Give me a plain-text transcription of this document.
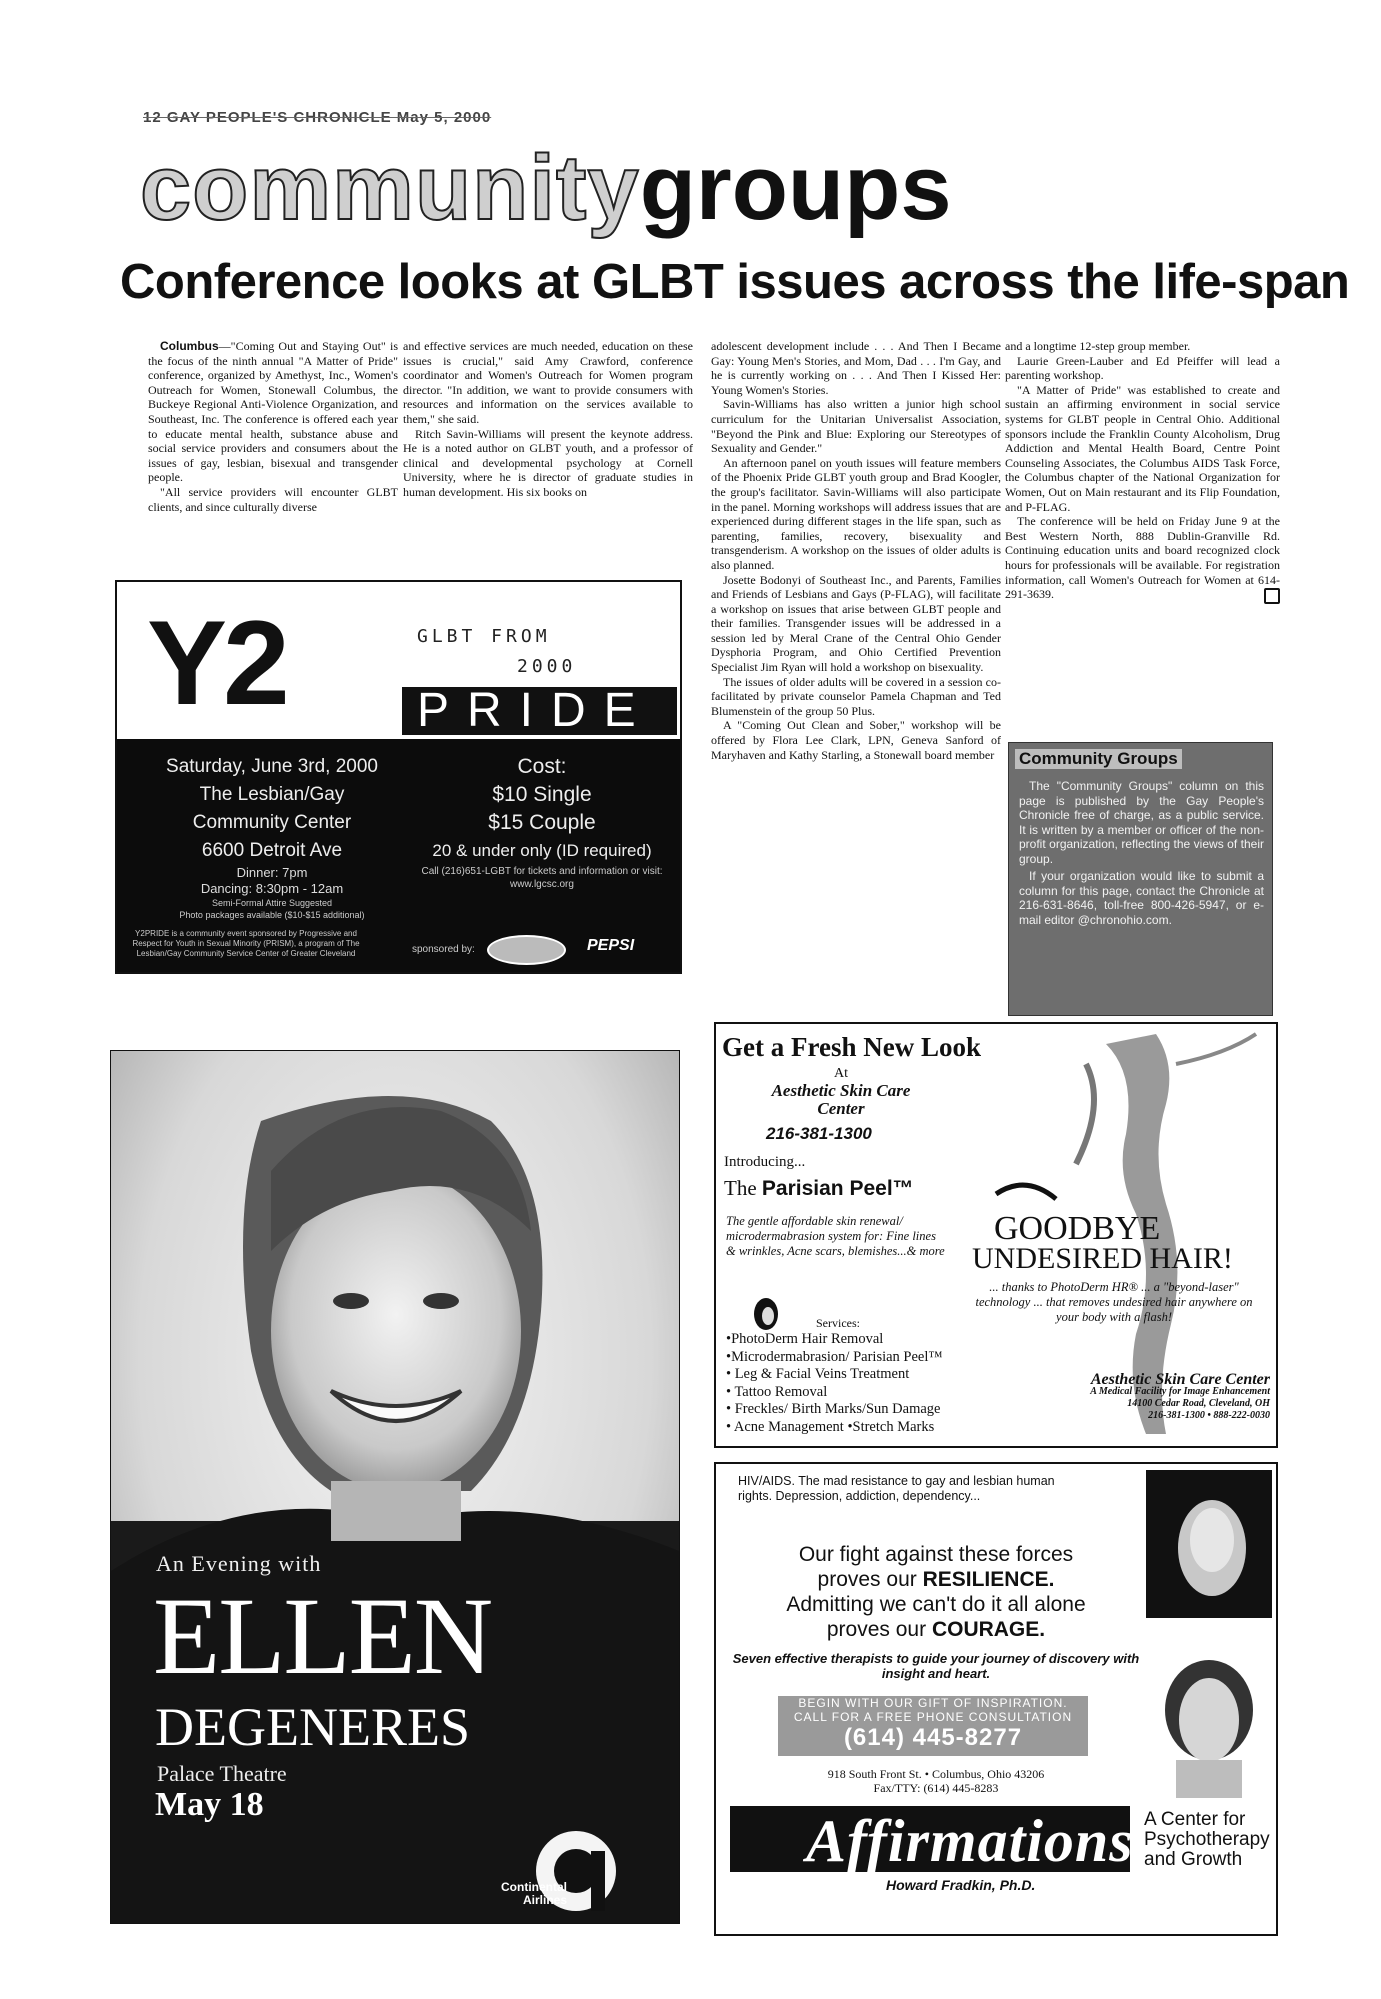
12 GAY PEOPLE'S CHRONICLE May 5, 2000
communitygroups
Conference looks at GLBT issues across the life-span

Columbus—"Coming Out and Staying Out" is the focus of the ninth annual "A Matter of Pride" conference, organized by Amethyst, Inc., Women's Outreach for Women, Stonewall Columbus, the Buckeye Regional Anti-Violence Organization, and Southeast, Inc. The conference is offered each year to educate mental health, substance abuse and social service providers and consumers about the issues of gay, lesbian, bisexual and transgender people.

"All service providers will encounter GLBT clients, and since culturally diverse

and effective services are much needed, education on these issues is crucial," said Amy Crawford, conference coordinator and Women's Outreach for Women program director. "In addition, we want to provide consumers with resources and information on the services available to them," she said.

Ritch Savin-Williams will present the keynote address. He is a noted author on GLBT youth, and a professor of clinical and developmental psychology at Cornell University, where he is director of graduate studies in human development. His six books on

adolescent development include . . . And Then I Became Gay: Young Men's Stories, and Mom, Dad . . . I'm Gay, and he is currently working on . . . And Then I Kissed Her: Young Women's Stories.

Savin-Williams has also written a junior high school curriculum for the Unitarian Universalist Association, "Beyond the Pink and Blue: Exploring our Stereotypes of Sexuality and Gender."

An afternoon panel on youth issues will feature members of the Phoenix Pride GLBT youth group and Brad Koogler, the group's facilitator. Savin-Williams will also participate in the panel. Morning workshops will address issues that are experienced during different stages in the life span, such as parenting, families, recovery, bisexuality and transgenderism. A workshop on the issues of older adults is also planned.

Josette Bodonyi of Southeast Inc., and Parents, Families and Friends of Lesbians and Gays (P-FLAG), will facilitate a workshop on issues that arise between GLBT people and their families. Transgender issues will be addressed in a session led by Meral Crane of the Central Ohio Gender Dysphoria Program, and Ohio Certified Prevention Specialist Jim Ryan will hold a workshop on bisexuality.

The issues of older adults will be covered in a session co-facilitated by private counselor Pamela Chapman and Ted Blumenstein of the group 50 Plus.

A "Coming Out Clean and Sober," workshop will be offered by Flora Lee Clark, LPN, Geneva Sanford of Maryhaven and Kathy Starling, a Stonewall board member

and a longtime 12-step group member.

Laurie Green-Lauber and Ed Pfeiffer will lead a parenting workshop.

"A Matter of Pride" was established to create and sustain an affirming environment in social service systems for GLBT people in Central Ohio. Additional sponsors include the Franklin County Alcoholism, Drug Addiction and Mental Health Board, Centre Point Counseling Associates, the Columbus AIDS Task Force, the Columbus chapter of the National Organization for Women, Out on Main restaurant and its Flip Foundation, and P-FLAG.

The conference will be held on Friday June 9 at the Best Western North, 888 Dublin-Granville Rd. Continuing education units and board recognized clock hours for professionals will be available. For registration information, call Women's Outreach for Women at 614-291-3639.

Y2	GLBT FROM
2000
PRIDE
Saturday, June 3rd, 2000
The Lesbian/Gay
Community Center
6600 Detroit Ave
Dinner: 7pm
Dancing: 8:30pm - 12am
Semi-Formal Attire Suggested
Photo packages available ($10-$15 additional)
Cost:
$10 Single
$15 Couple
20 & under only (ID required)
Call (216)651-LGBT for tickets and information or visit: www.lgcsc.org
Y2PRIDE is a community event sponsored by Progressive and Respect for Youth in Sexual Minority (PRISM), a program of The Lesbian/Gay Community Service Center of Greater Cleveland	sponsored by:	PEPSI
Community Groups

The "Community Groups" column on this page is published by the Gay People's Chronicle free of charge, as a public service. It is written by a member or officer of the non-profit organization, reflecting the views of their group.

If your organization would like to submit a column for this page, contact the Chronicle at 216-631-8646, toll-free 800-426-5947, or e-mail editor @chronohio.com.

An Evening with
ELLEN
DEGENERES
Palace Theatre
May 18
Continental
Airlines
Get a Fresh New Look
At
Aesthetic Skin Care Center
216-381-1300
Introducing...
The Parisian Peel™
The gentle affordable skin renewal/ microdermabrasion system for: Fine lines & wrinkles, Acne scars, blemishes...& more
Services:
•PhotoDerm Hair Removal
•Microdermabrasion/ Parisian Peel™
• Leg & Facial Veins Treatment
• Tattoo Removal
• Freckles/ Birth Marks/Sun Damage
• Acne Management •Stretch Marks
GOODBYE
UNDESIRED HAIR!
... thanks to PhotoDerm HR® ... a "beyond-laser" technology ... that removes undesired hair anywhere on your body with a flash!
Aesthetic Skin Care Center
A Medical Facility for Image Enhancement
14100 Cedar Road, Cleveland, OH
216-381-1300 • 888-222-0030
HIV/AIDS. The mad resistance to gay and lesbian human rights. Depression, addiction, dependency...
Our fight against these forces
proves our RESILIENCE.
Admitting we can't do it all alone
proves our COURAGE.
Seven effective therapists to guide your journey of discovery with insight and heart.
BEGIN WITH OUR GIFT OF INSPIRATION.
CALL FOR A FREE PHONE CONSULTATION
(614) 445-8277
918 South Front St. • Columbus, Ohio 43206
Fax/TTY: (614) 445-8283
Affirmations:
A Center for Psychotherapy and Growth
Howard Fradkin, Ph.D.
